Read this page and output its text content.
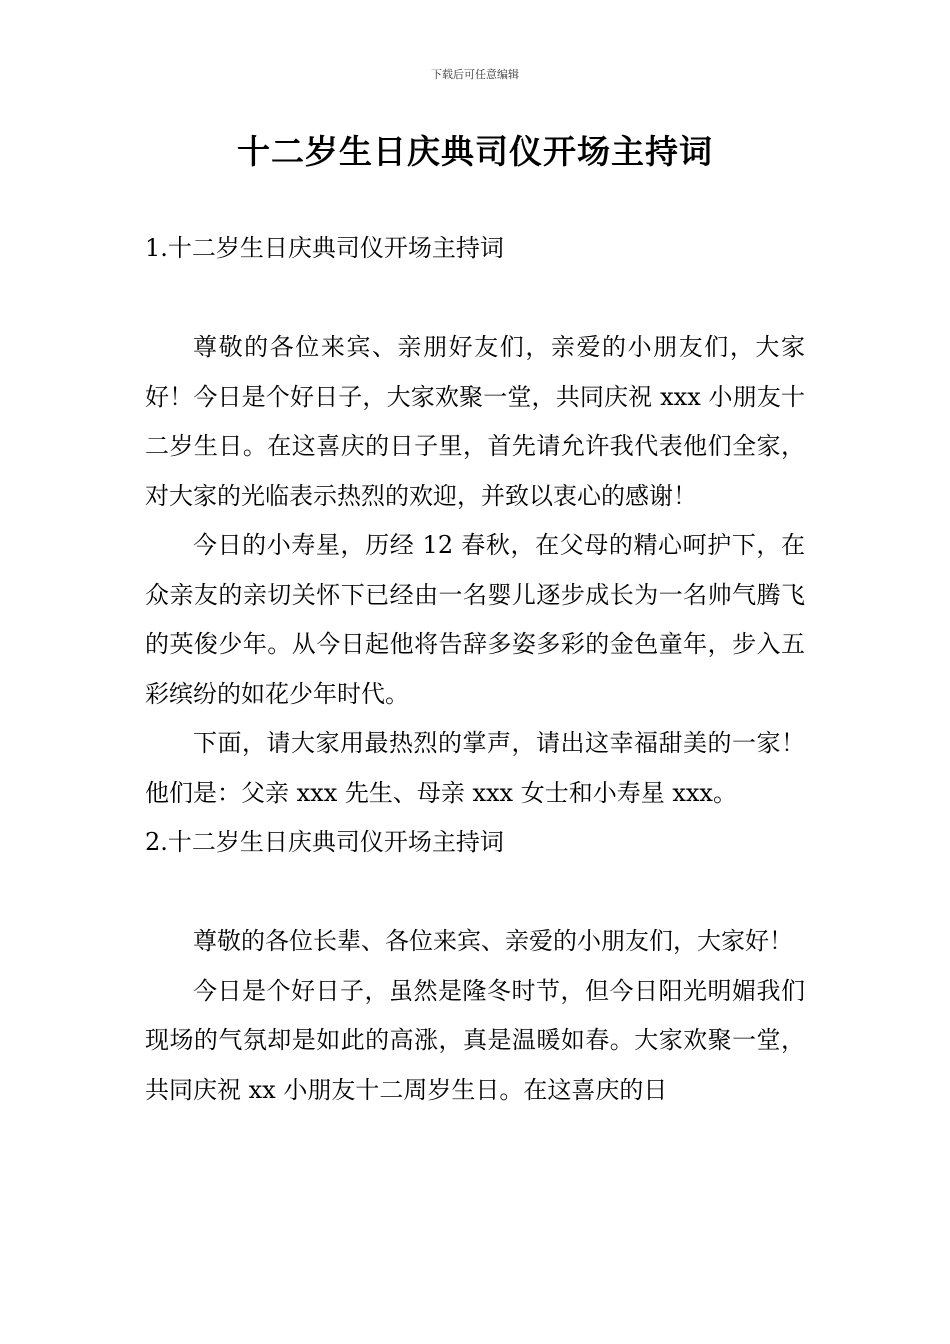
下载后可任意编辑
十二岁生日庆典司仪开场主持词

1.十二岁生日庆典司仪开场主持词

尊敬的各位来宾、亲朋好友们，亲爱的小朋友们，大家好！今日是个好日子，大家欢聚一堂，共同庆祝 xxx 小朋友十二岁生日。在这喜庆的日子里，首先请允许我代表他们全家，对大家的光临表示热烈的欢迎，并致以衷心的感谢！

今日的小寿星，历经 12 春秋，在父母的精心呵护下，在众亲友的亲切关怀下已经由一名婴儿逐步成长为一名帅气腾飞的英俊少年。从今日起他将告辞多姿多彩的金色童年，步入五彩缤纷的如花少年时代。

下面，请大家用最热烈的掌声，请出这幸福甜美的一家！他们是：父亲 xxx 先生、母亲 xxx 女士和小寿星 xxx。

2.十二岁生日庆典司仪开场主持词

尊敬的各位长辈、各位来宾、亲爱的小朋友们，大家好！

今日是个好日子，虽然是隆冬时节，但今日阳光明媚我们现场的气氛却是如此的高涨，真是温暖如春。大家欢聚一堂，共同庆祝 xx 小朋友十二周岁生日。在这喜庆的日
